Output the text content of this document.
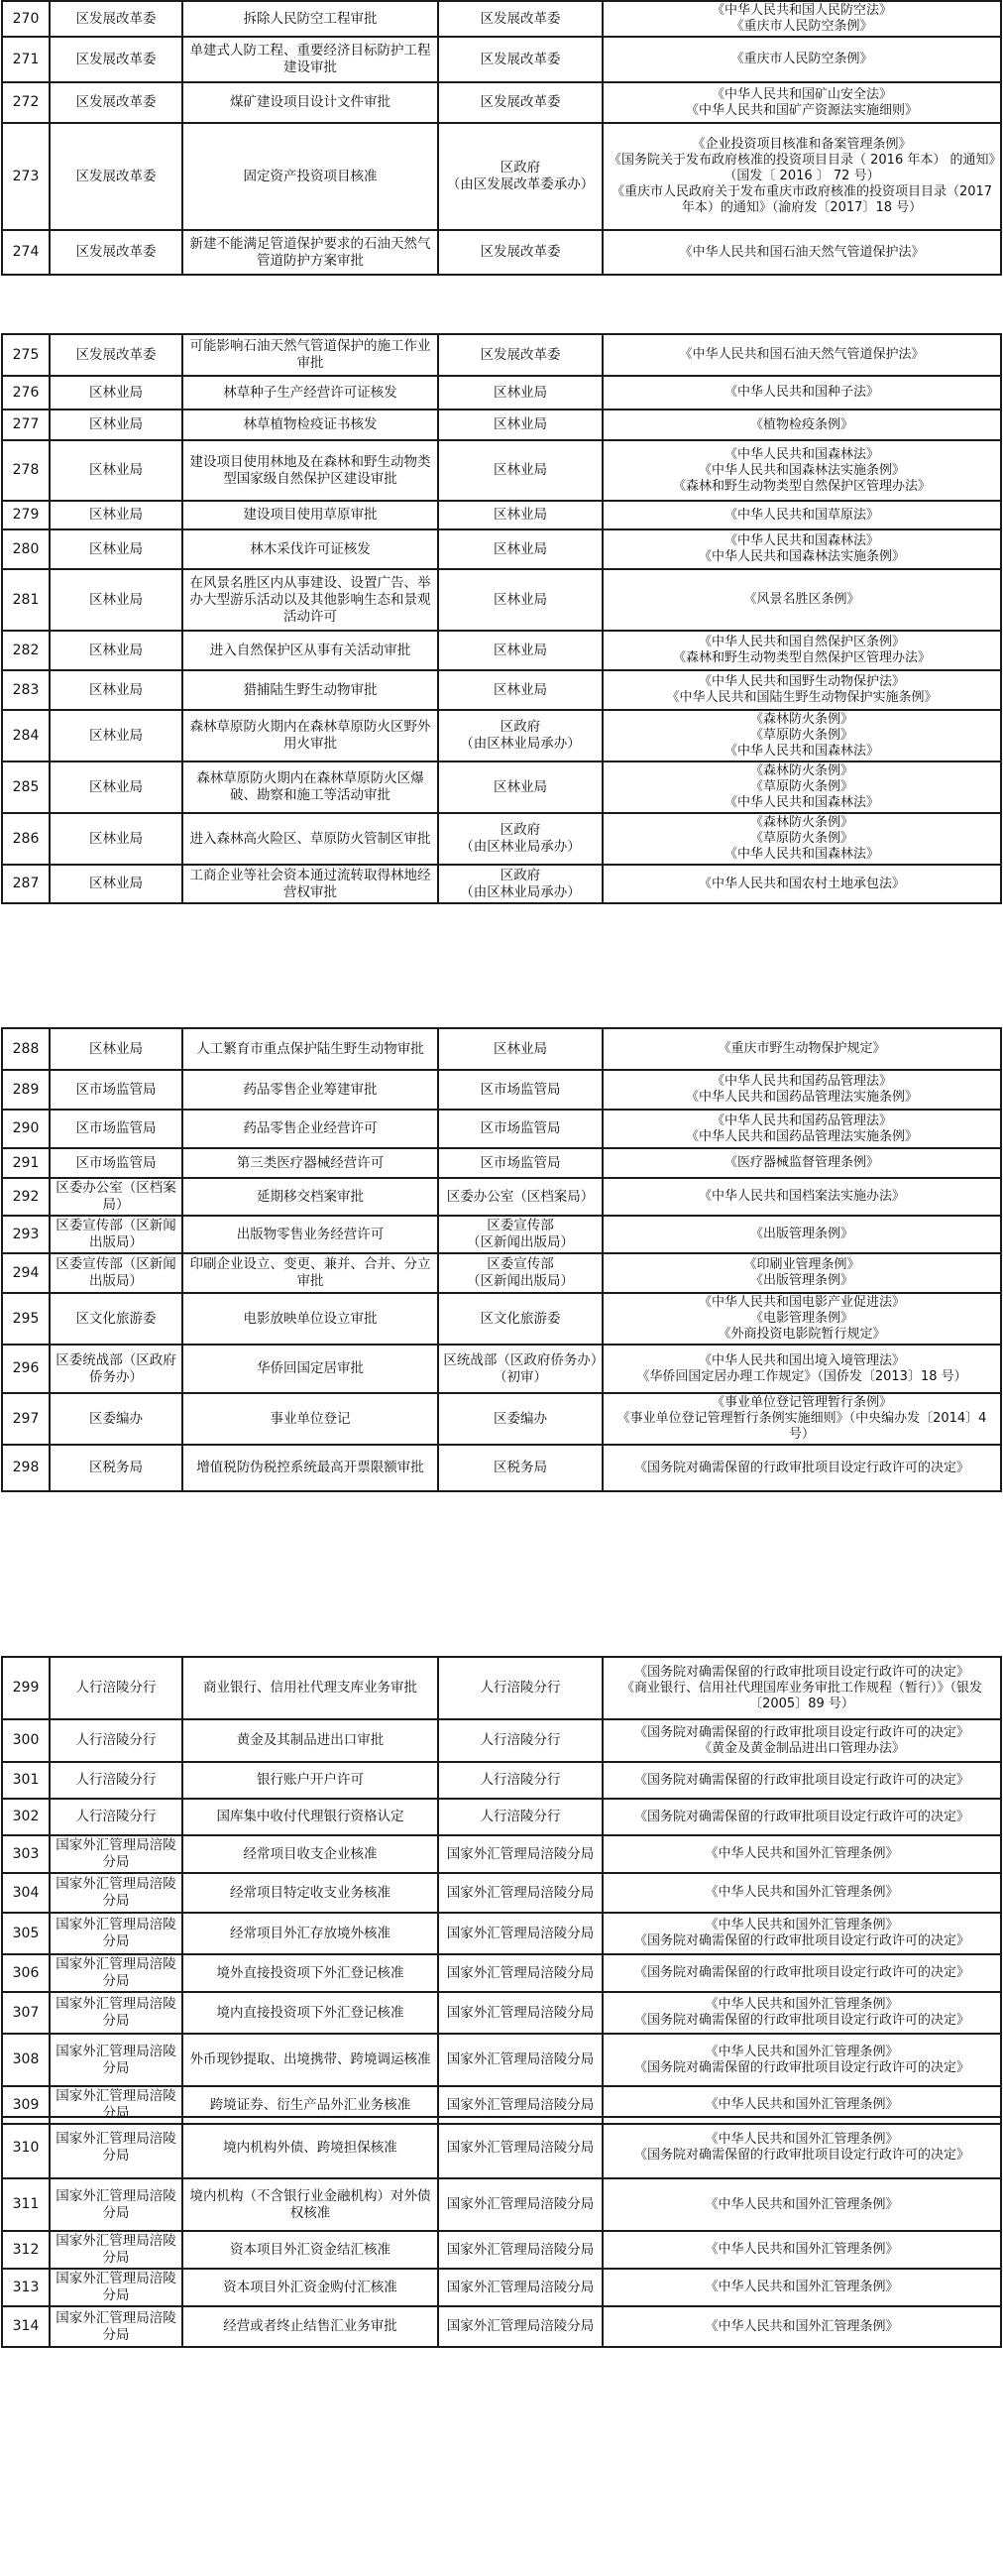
270	区发展改革委	拆除人民防空工程审批	区发展改革委	《中华人民共和国人民防空法》
《重庆市人民防空条例》

271	区发展改革委	单建式人防工程、重要经济目标防护工程建设审批	区发展改革委	《重庆市人民防空条例》

272	区发展改革委	煤矿建设项目设计文件审批	区发展改革委	《中华人民共和国矿山安全法》
《中华人民共和国矿产资源法实施细则》

273	区发展改革委	固定资产投资项目核准	区政府
（由区发展改革委承办）	《企业投资项目核准和备案管理条例》
《国务院关于发布政府核准的投资项目目录（ 2016 年本） 的通知》（国发〔 2016 〕 72 号）
《重庆市人民政府关于发布重庆市政府核准的投资项目目录（2017 年本）的通知》（渝府发〔2017〕18 号）

274	区发展改革委	新建不能满足管道保护要求的石油天然气管道防护方案审批	区发展改革委	《中华人民共和国石油天然气管道保护法》
275	区发展改革委	可能影响石油天然气管道保护的施工作业审批	区发展改革委	《中华人民共和国石油天然气管道保护法》

276	区林业局	林草种子生产经营许可证核发	区林业局	《中华人民共和国种子法》

277	区林业局	林草植物检疫证书核发	区林业局	《植物检疫条例》

278	区林业局	建设项目使用林地及在森林和野生动物类型国家级自然保护区建设审批	区林业局	《中华人民共和国森林法》
《中华人民共和国森林法实施条例》
《森林和野生动物类型自然保护区管理办法》

279	区林业局	建设项目使用草原审批	区林业局	《中华人民共和国草原法》

280	区林业局	林木采伐许可证核发	区林业局	《中华人民共和国森林法》
《中华人民共和国森林法实施条例》

281	区林业局	在风景名胜区内从事建设、设置广告、举办大型游乐活动以及其他影响生态和景观活动许可	区林业局	《风景名胜区条例》

282	区林业局	进入自然保护区从事有关活动审批	区林业局	《中华人民共和国自然保护区条例》
《森林和野生动物类型自然保护区管理办法》

283	区林业局	猎捕陆生野生动物审批	区林业局	《中华人民共和国野生动物保护法》
《中华人民共和国陆生野生动物保护实施条例》

284	区林业局	森林草原防火期内在森林草原防火区野外用火审批	区政府
（由区林业局承办）	《森林防火条例》
《草原防火条例》
《中华人民共和国森林法》

285	区林业局	森林草原防火期内在森林草原防火区爆破、勘察和施工等活动审批	区林业局	《森林防火条例》
《草原防火条例》
《中华人民共和国森林法》

286	区林业局	进入森林高火险区、草原防火管制区审批	区政府
（由区林业局承办）	《森林防火条例》
《草原防火条例》
《中华人民共和国森林法》

287	区林业局	工商企业等社会资本通过流转取得林地经营权审批	区政府
（由区林业局承办）	《中华人民共和国农村土地承包法》
288	区林业局	人工繁育市重点保护陆生野生动物审批	区林业局	《重庆市野生动物保护规定》

289	区市场监管局	药品零售企业筹建审批	区市场监管局	《中华人民共和国药品管理法》
《中华人民共和国药品管理法实施条例》

290	区市场监管局	药品零售企业经营许可	区市场监管局	《中华人民共和国药品管理法》
《中华人民共和国药品管理法实施条例》

291	区市场监管局	第三类医疗器械经营许可	区市场监管局	《医疗器械监督管理条例》

292	区委办公室（区档案局）	延期移交档案审批	区委办公室（区档案局）	《中华人民共和国档案法实施办法》

293	区委宣传部（区新闻出版局）	出版物零售业务经营许可	区委宣传部
（区新闻出版局）	《出版管理条例》

294	区委宣传部（区新闻出版局）	印刷企业设立、变更、兼并、合并、分立审批	区委宣传部
（区新闻出版局）	《印刷业管理条例》
《出版管理条例》

295	区文化旅游委	电影放映单位设立审批	区文化旅游委	《中华人民共和国电影产业促进法》
《电影管理条例》
《外商投资电影院暂行规定》

296	区委统战部（区政府侨务办）	华侨回国定居审批	区统战部（区政府侨务办）（初审）	《中华人民共和国出境入境管理法》
《华侨回国定居办理工作规定》（国侨发〔2013〕18 号）

297	区委编办	事业单位登记	区委编办	《事业单位登记管理暂行条例》
《事业单位登记管理暂行条例实施细则》（中央编办发〔2014〕4 号）

298	区税务局	增值税防伪税控系统最高开票限额审批	区税务局	《国务院对确需保留的行政审批项目设定行政许可的决定》
299	人行涪陵分行	商业银行、信用社代理支库业务审批	人行涪陵分行	《国务院对确需保留的行政审批项目设定行政许可的决定》
《商业银行、信用社代理国库业务审批工作规程（暂行）》（银发〔2005〕89 号）

300	人行涪陵分行	黄金及其制品进出口审批	人行涪陵分行	《国务院对确需保留的行政审批项目设定行政许可的决定》
《黄金及黄金制品进出口管理办法》

301	人行涪陵分行	银行账户开户许可	人行涪陵分行	《国务院对确需保留的行政审批项目设定行政许可的决定》

302	人行涪陵分行	国库集中收付代理银行资格认定	人行涪陵分行	《国务院对确需保留的行政审批项目设定行政许可的决定》

303	国家外汇管理局涪陵分局	经常项目收支企业核准	国家外汇管理局涪陵分局	《中华人民共和国外汇管理条例》

304	国家外汇管理局涪陵分局	经常项目特定收支业务核准	国家外汇管理局涪陵分局	《中华人民共和国外汇管理条例》

305	国家外汇管理局涪陵分局	经常项目外汇存放境外核准	国家外汇管理局涪陵分局	《中华人民共和国外汇管理条例》
《国务院对确需保留的行政审批项目设定行政许可的决定》

306	国家外汇管理局涪陵分局	境外直接投资项下外汇登记核准	国家外汇管理局涪陵分局	《国务院对确需保留的行政审批项目设定行政许可的决定》

307	国家外汇管理局涪陵分局	境内直接投资项下外汇登记核准	国家外汇管理局涪陵分局	《中华人民共和国外汇管理条例》
《国务院对确需保留的行政审批项目设定行政许可的决定》

308	国家外汇管理局涪陵分局	外币现钞提取、出境携带、跨境调运核准	国家外汇管理局涪陵分局	《中华人民共和国外汇管理条例》
《国务院对确需保留的行政审批项目设定行政许可的决定》

309	国家外汇管理局涪陵分局	跨境证券、衍生产品外汇业务核准	国家外汇管理局涪陵分局	《中华人民共和国外汇管理条例》
310	国家外汇管理局涪陵分局	境内机构外债、跨境担保核准	国家外汇管理局涪陵分局	《中华人民共和国外汇管理条例》
《国务院对确需保留的行政审批项目设定行政许可的决定》

311	国家外汇管理局涪陵分局	境内机构（不含银行业金融机构）对外债权核准	国家外汇管理局涪陵分局	《中华人民共和国外汇管理条例》

312	国家外汇管理局涪陵分局	资本项目外汇资金结汇核准	国家外汇管理局涪陵分局	《中华人民共和国外汇管理条例》

313	国家外汇管理局涪陵分局	资本项目外汇资金购付汇核准	国家外汇管理局涪陵分局	《中华人民共和国外汇管理条例》

314	国家外汇管理局涪陵分局	经营或者终止结售汇业务审批	国家外汇管理局涪陵分局	《中华人民共和国外汇管理条例》
